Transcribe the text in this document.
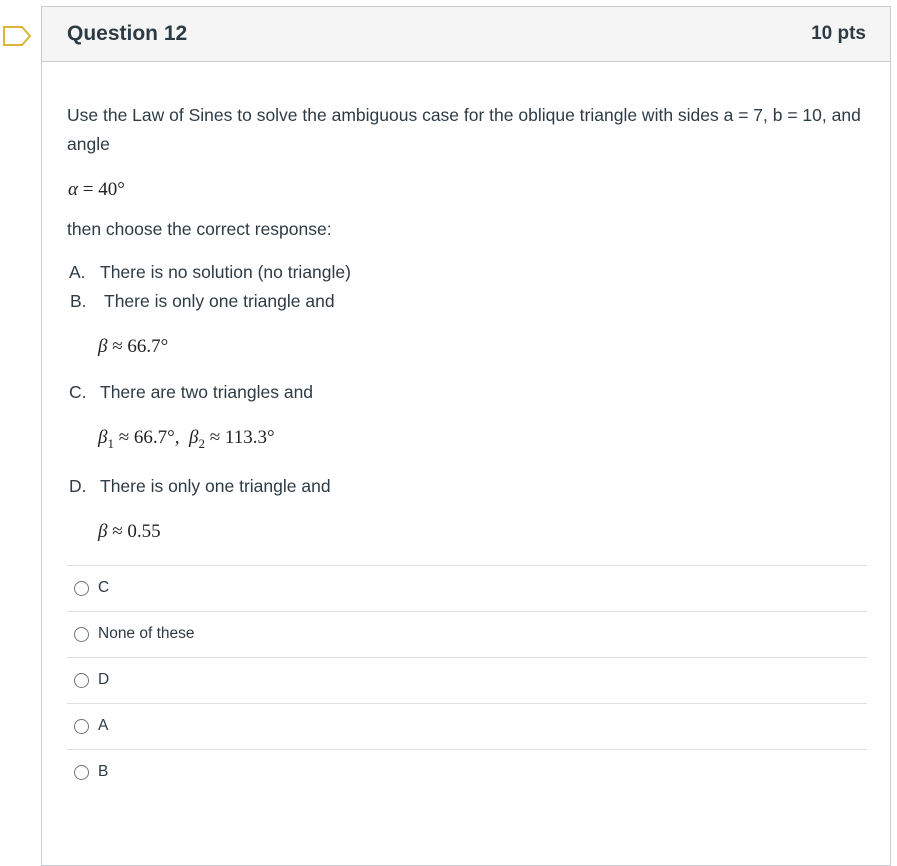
Question 12	10 pts
Use the Law of Sines to solve the ambiguous case for the oblique triangle with sides a = 7, b = 10, and angle
α = 40°
then choose the correct response:
A. There is no solution (no triangle)
B. There is only one triangle and
β ≈ 66.7°
C. There are two triangles and
$\beta_1 \approx 66.7^\circ$,  $\beta_2 \approx 113.3^\circ$
D. There is only one triangle and
β ≈ 0.55
C
None of these
D
A
B
